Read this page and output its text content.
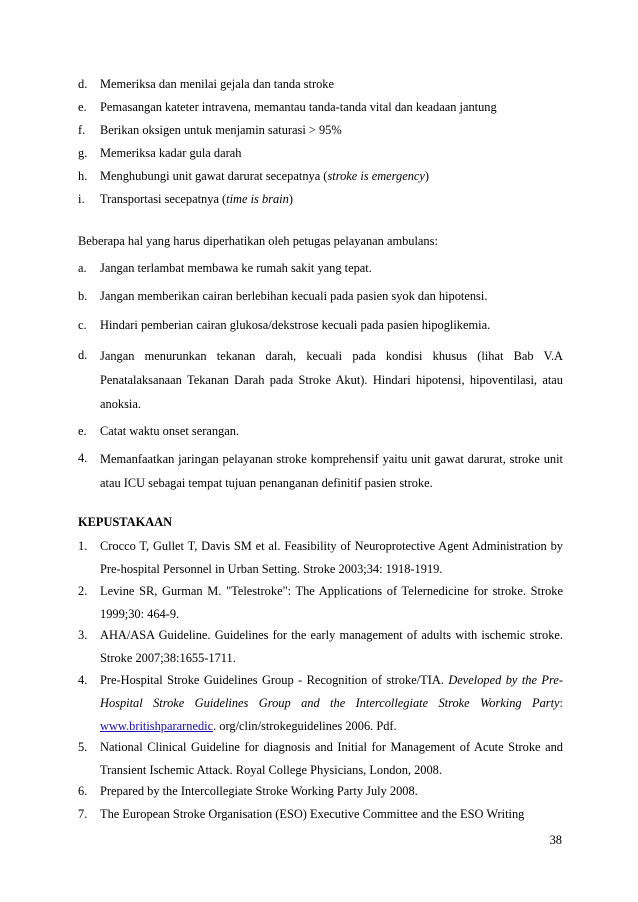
d.	Memeriksa dan menilai gejala dan tanda stroke
e.	Pemasangan kateter intravena, memantau tanda-tanda vital dan keadaan jantung
f.	Berikan oksigen untuk menjamin saturasi > 95%
g.	Memeriksa kadar gula darah
h.	Menghubungi unit gawat darurat secepatnya (stroke is emergency)
i.	Transportasi secepatnya (time is brain)
Beberapa hal yang harus diperhatikan oleh petugas pelayanan ambulans:
a.	Jangan terlambat membawa ke rumah sakit yang tepat.
b.	Jangan memberikan cairan berlebihan kecuali pada pasien syok dan hipotensi.
c.	Hindari pemberian cairan glukosa/dekstrose kecuali pada pasien hipoglikemia.
d.	Jangan menurunkan tekanan darah, kecuali pada kondisi khusus (lihat Bab V.A Penatalaksanaan Tekanan Darah pada Stroke Akut). Hindari hipotensi, hipoventilasi, atau anoksia.
e.	Catat waktu onset serangan.
4.	Memanfaatkan jaringan pelayanan stroke komprehensif yaitu unit gawat darurat, stroke unit atau ICU sebagai tempat tujuan penanganan definitif pasien stroke.
KEPUSTAKAAN
1.	Crocco T, Gullet T, Davis SM et al. Feasibility of Neuroprotective Agent Administration by Pre-hospital Personnel in Urban Setting. Stroke 2003;34: 1918-1919.
2.	Levine SR, Gurman M. "Telestroke": The Applications of Telernedicine for stroke. Stroke 1999;30: 464-9.
3.	AHA/ASA Guideline. Guidelines for the early management of adults with ischemic stroke. Stroke 2007;38:1655-1711.
4.	Pre-Hospital Stroke Guidelines Group - Recognition of stroke/TIA. Developed by the Pre-Hospital Stroke Guidelines Group and the Intercollegiate Stroke Working Party: www.britishpararnedic. org/clin/strokeguidelines 2006. Pdf.
5.	National Clinical Guideline for diagnosis and Initial for Management of Acute Stroke and Transient Ischemic Attack. Royal College Physicians, London, 2008.
6.	Prepared by the Intercollegiate Stroke Working Party July 2008.
7.	The European Stroke Organisation (ESO) Executive Committee and the ESO Writing
38
